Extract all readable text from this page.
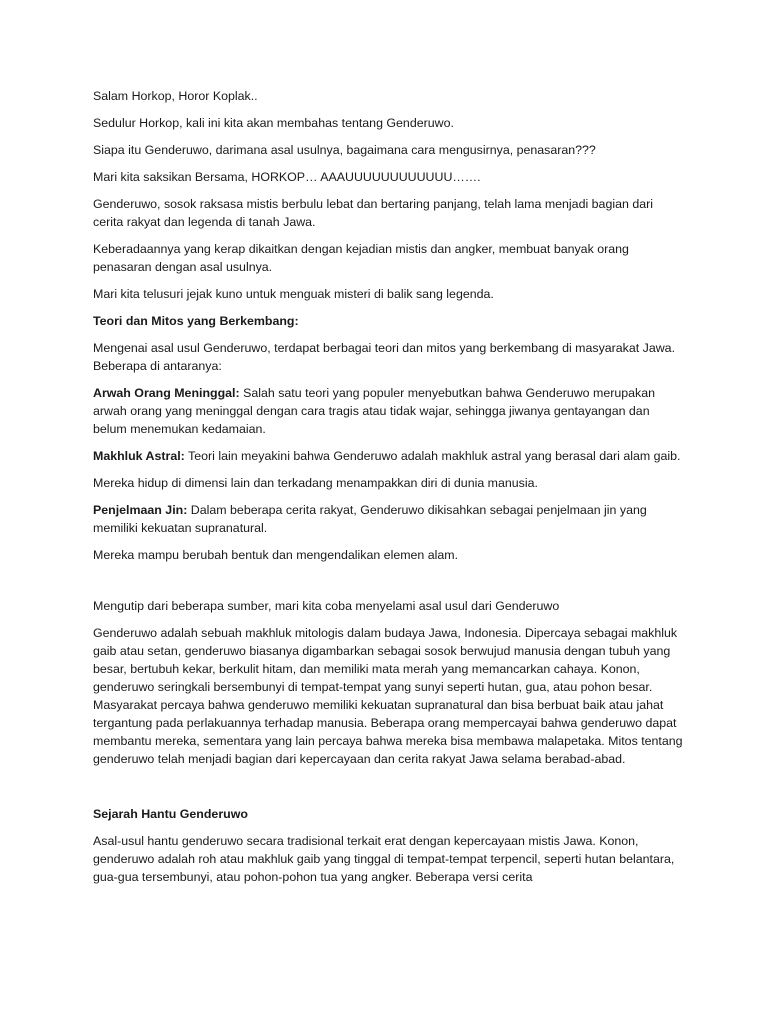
Salam Horkop, Horor Koplak..

Sedulur Horkop, kali ini kita akan membahas tentang Genderuwo.

Siapa itu Genderuwo, darimana asal usulnya, bagaimana cara mengusirnya, penasaran???

Mari kita saksikan Bersama, HORKOP… AAAUUUUUUUUUUUU…….

Genderuwo, sosok raksasa mistis berbulu lebat dan bertaring panjang, telah lama menjadi bagian dari cerita rakyat dan legenda di tanah Jawa.

Keberadaannya yang kerap dikaitkan dengan kejadian mistis dan angker, membuat banyak orang penasaran dengan asal usulnya.

Mari kita telusuri jejak kuno untuk menguak misteri di balik sang legenda.

Teori dan Mitos yang Berkembang:

Mengenai asal usul Genderuwo, terdapat berbagai teori dan mitos yang berkembang di masyarakat Jawa. Beberapa di antaranya:

Arwah Orang Meninggal: Salah satu teori yang populer menyebutkan bahwa Genderuwo merupakan arwah orang yang meninggal dengan cara tragis atau tidak wajar, sehingga jiwanya gentayangan dan belum menemukan kedamaian.

Makhluk Astral: Teori lain meyakini bahwa Genderuwo adalah makhluk astral yang berasal dari alam gaib.

Mereka hidup di dimensi lain dan terkadang menampakkan diri di dunia manusia.

Penjelmaan Jin: Dalam beberapa cerita rakyat, Genderuwo dikisahkan sebagai penjelmaan jin yang memiliki kekuatan supranatural.

Mereka mampu berubah bentuk dan mengendalikan elemen alam.

Mengutip dari beberapa sumber, mari kita coba menyelami asal usul dari Genderuwo

Genderuwo adalah sebuah makhluk mitologis dalam budaya Jawa, Indonesia. Dipercaya sebagai makhluk gaib atau setan, genderuwo biasanya digambarkan sebagai sosok berwujud manusia dengan tubuh yang besar, bertubuh kekar, berkulit hitam, dan memiliki mata merah yang memancarkan cahaya. Konon, genderuwo seringkali bersembunyi di tempat-tempat yang sunyi seperti hutan, gua, atau pohon besar. Masyarakat percaya bahwa genderuwo memiliki kekuatan supranatural dan bisa berbuat baik atau jahat tergantung pada perlakuannya terhadap manusia. Beberapa orang mempercayai bahwa genderuwo dapat membantu mereka, sementara yang lain percaya bahwa mereka bisa membawa malapetaka. Mitos tentang genderuwo telah menjadi bagian dari kepercayaan dan cerita rakyat Jawa selama berabad-abad.

Sejarah Hantu Genderuwo

Asal-usul hantu genderuwo secara tradisional terkait erat dengan kepercayaan mistis Jawa. Konon, genderuwo adalah roh atau makhluk gaib yang tinggal di tempat-tempat terpencil, seperti hutan belantara, gua-gua tersembunyi, atau pohon-pohon tua yang angker. Beberapa versi cerita
